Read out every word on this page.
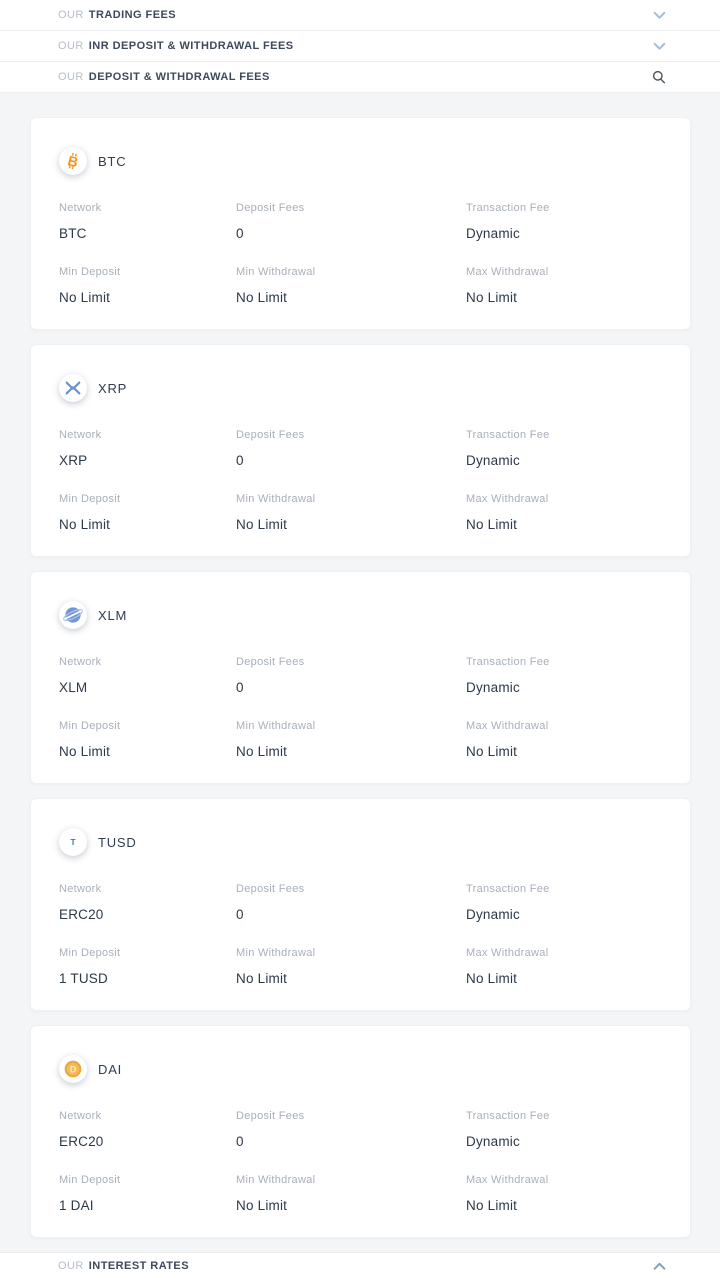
OUR TRADING FEES
OUR INR DEPOSIT & WITHDRAWAL FEES
OUR DEPOSIT & WITHDRAWAL FEES
B BTC
Network
BTC
Deposit Fees
0
Transaction Fee
Dynamic
Min Deposit
No Limit
Min Withdrawal
No Limit
Max Withdrawal
No Limit
XRP
Network
XRP
Deposit Fees
0
Transaction Fee
Dynamic
Min Deposit
No Limit
Min Withdrawal
No Limit
Max Withdrawal
No Limit
XLM
Network
XLM
Deposit Fees
0
Transaction Fee
Dynamic
Min Deposit
No Limit
Min Withdrawal
No Limit
Max Withdrawal
No Limit
T TUSD
Network
ERC20
Deposit Fees
0
Transaction Fee
Dynamic
Min Deposit
1 TUSD
Min Withdrawal
No Limit
Max Withdrawal
No Limit
D DAI
Network
ERC20
Deposit Fees
0
Transaction Fee
Dynamic
Min Deposit
1 DAI
Min Withdrawal
No Limit
Max Withdrawal
No Limit
OUR INTEREST RATES
